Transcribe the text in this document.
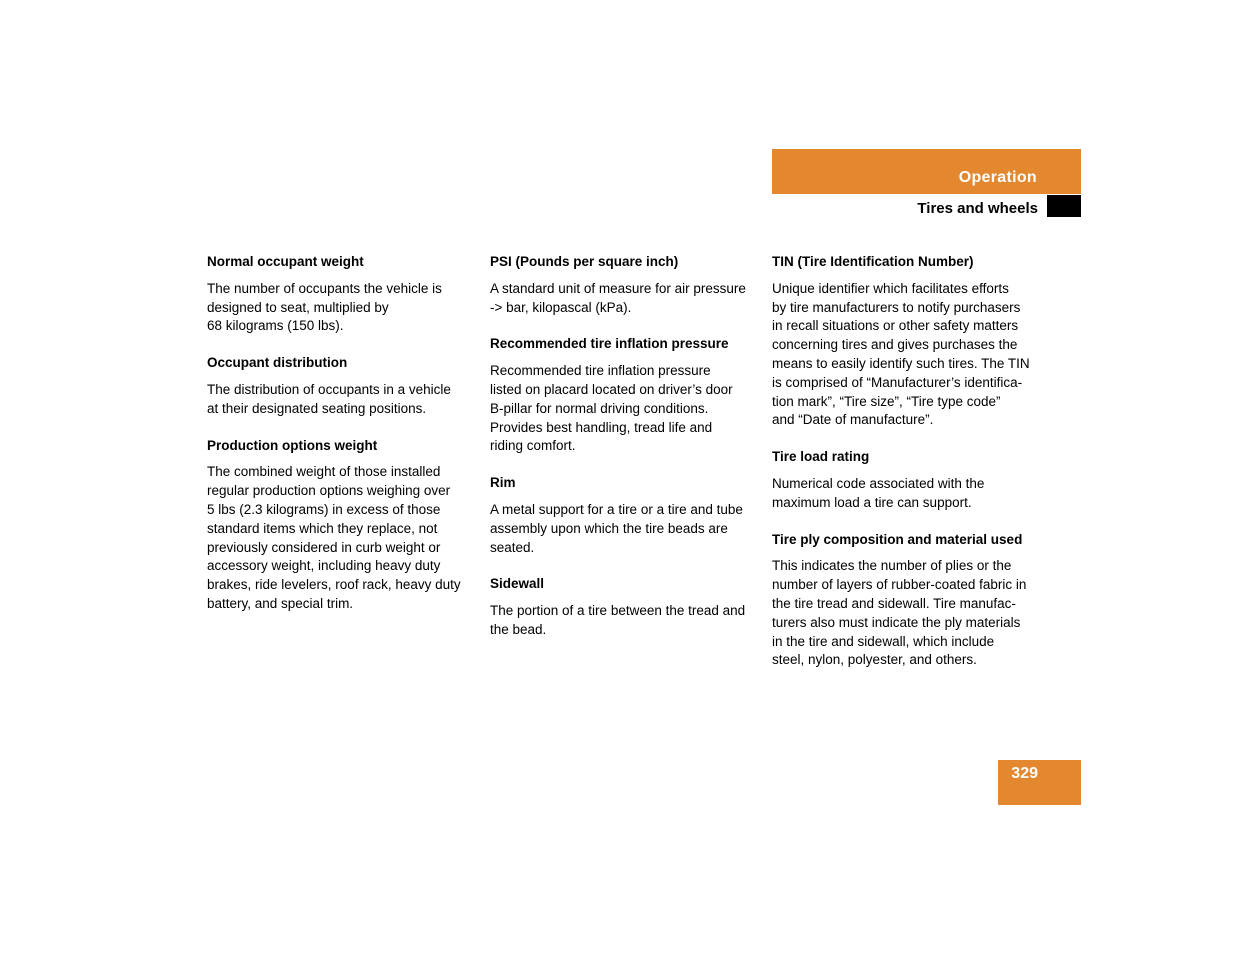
Operation
Tires and wheels

Normal occupant weight

The number of occupants the vehicle is
designed to seat, multiplied by
68 kilograms (150 lbs).

Occupant distribution

The distribution of occupants in a vehicle
at their designated seating positions.

Production options weight

The combined weight of those installed
regular production options weighing over
5 lbs (2.3 kilograms) in excess of those
standard items which they replace, not
previously considered in curb weight or
accessory weight, including heavy duty
brakes, ride levelers, roof rack, heavy duty
battery, and special trim.

PSI (Pounds per square inch)

A standard unit of measure for air pressure
-> bar, kilopascal (kPa).

Recommended tire inflation pressure

Recommended tire inflation pressure
listed on placard located on driver’s door
B-pillar for normal driving conditions.
Provides best handling, tread life and
riding comfort.

Rim

A metal support for a tire or a tire and tube
assembly upon which the tire beads are
seated.

Sidewall

The portion of a tire between the tread and
the bead.

TIN (Tire Identification Number)

Unique identifier which facilitates efforts
by tire manufacturers to notify purchasers
in recall situations or other safety matters
concerning tires and gives purchases the
means to easily identify such tires. The TIN
is comprised of “Manufacturer’s identifica-
tion mark”, “Tire size”, “Tire type code”
and “Date of manufacture”.

Tire load rating

Numerical code associated with the
maximum load a tire can support.

Tire ply composition and material used

This indicates the number of plies or the
number of layers of rubber-coated fabric in
the tire tread and sidewall. Tire manufac-
turers also must indicate the ply materials
in the tire and sidewall, which include
steel, nylon, polyester, and others.

329
